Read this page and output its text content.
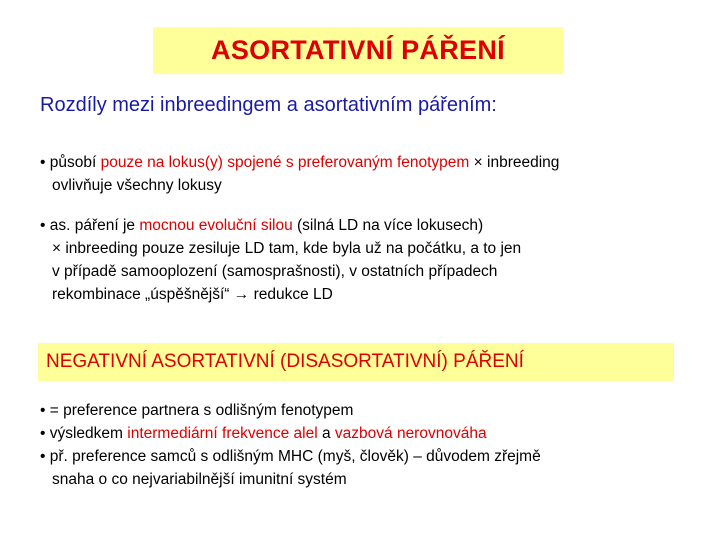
ASORTATIVNÍ PÁŘENÍ
Rozdíly mezi inbreedingem a asortativním pářením:
• působí pouze na lokus(y) spojené s preferovaným fenotypem × inbreeding
ovlivňuje všechny lokusy
• as. páření je mocnou evoluční silou (silná LD na více lokusech)
× inbreeding pouze zesiluje LD tam, kde byla už na počátku, a to jen
v případě samooplození (samosprašnosti), v ostatních případech
rekombinace „úspěšnější“ → redukce LD
NEGATIVNÍ ASORTATIVNÍ (DISASORTATIVNÍ) PÁŘENÍ
• = preference partnera s odlišným fenotypem
• výsledkem intermediární frekvence alel a vazbová nerovnováha
• př. preference samců s odlišným MHC (myš, člověk) – důvodem zřejmě
snaha o co nejvariabilnější imunitní systém
